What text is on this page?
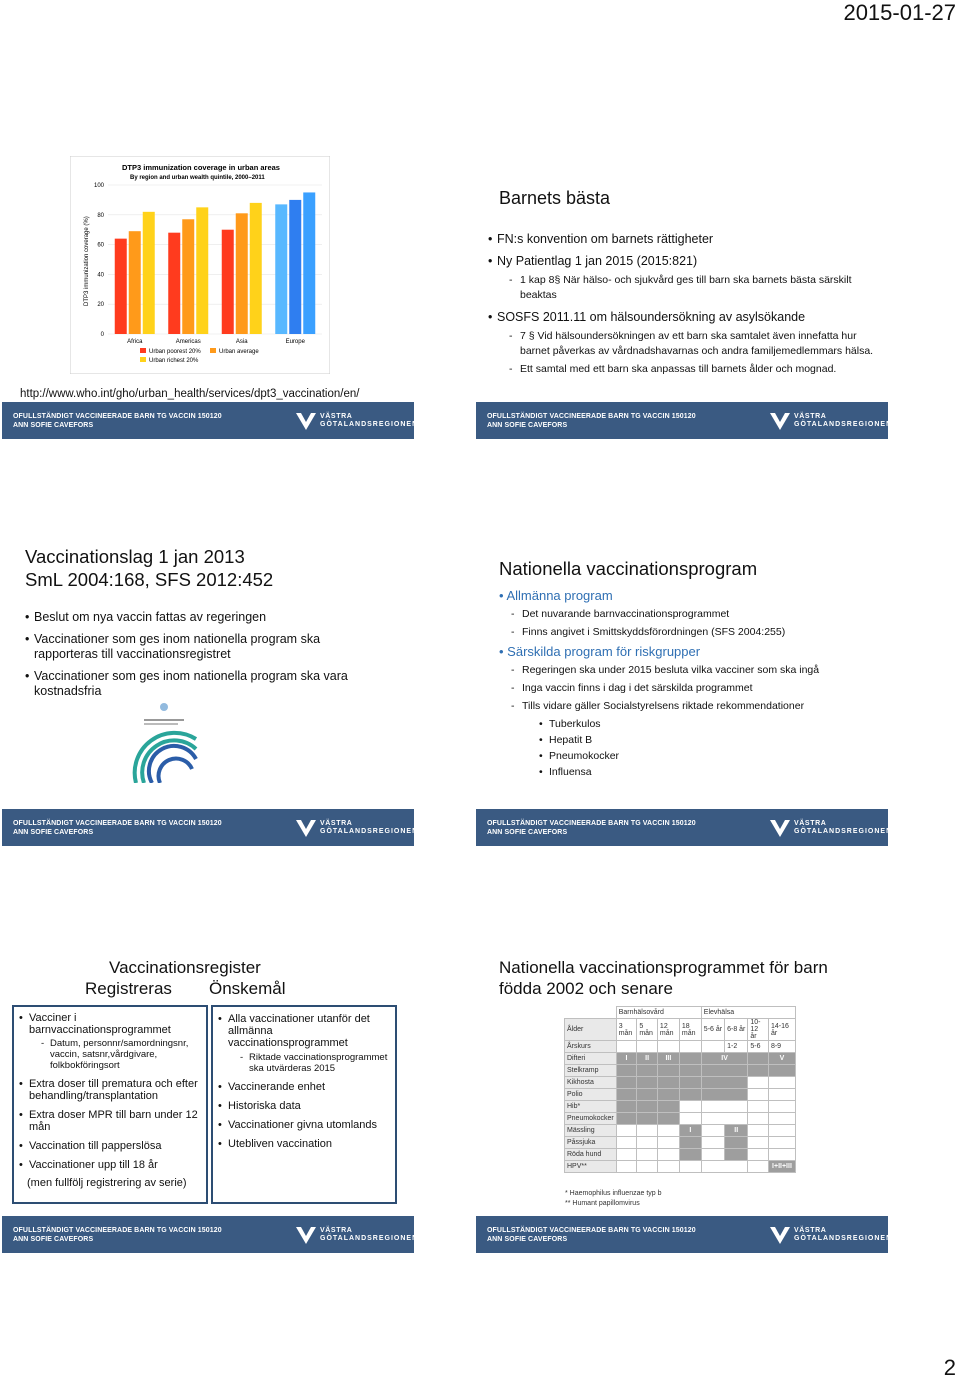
2015-01-27
2
DTP3 immunization coverage in urban areas
By region and urban wealth quintile, 2000–2011
DTP3 immunization coverage (%)
0
20
40
60
80
100
Africa	Americas	Asia	Europe
Urban poorest 20%	Urban average
Urban richest 20%
http://www.who.int/gho/urban_health/services/dpt3_vaccination/en/
OFULLSTÄNDIGT VACCINEERADE BARN TG VACCIN 150120
ANN SOFIE CAVEFORS
VÄSTRA
GÖTALANDSREGIONEN
Barnets bästa
• FN:s konvention om barnets rättigheter
• Ny Patientlag 1 jan 2015 (2015:821)
- 1 kap 8§ När hälso- och sjukvård ges till barn ska barnets bästa särskilt beaktas
• SOSFS 2011.11 om hälsoundersökning av asylsökande
- 7 § Vid hälsoundersökningen av ett barn ska samtalet även innefatta hur barnet påverkas av vårdnadshavarnas och andra familjemedlemmars hälsa.
- Ett samtal med ett barn ska anpassas till barnets ålder och mognad.
OFULLSTÄNDIGT VACCINEERADE BARN TG VACCIN 150120
ANN SOFIE CAVEFORS
VÄSTRA
GÖTALANDSREGIONEN
Vaccinationslag 1 jan 2013
SmL 2004:168, SFS 2012:452
• Beslut om nya vaccin fattas av regeringen
• Vaccinationer som ges inom nationella program ska rapporteras till vaccinationsregistret
• Vaccinationer som ges inom nationella program ska vara kostnadsfria
OFULLSTÄNDIGT VACCINEERADE BARN TG VACCIN 150120
ANN SOFIE CAVEFORS
VÄSTRA
GÖTALANDSREGIONEN
Nationella vaccinationsprogram
• Allmänna program
- Det nuvarande barnvaccinationsprogrammet
- Finns angivet i Smittskyddsförordningen (SFS 2004:255)
• Särskilda program för riskgrupper
- Regeringen ska under 2015 besluta vilka vacciner som ska ingå
- Inga vaccin finns i dag i det särskilda programmet
- Tills vidare gäller Socialstyrelsens riktade rekommendationer
• Tuberkulos
• Hepatit B
• Pneumokocker
• Influensa
OFULLSTÄNDIGT VACCINEERADE BARN TG VACCIN 150120
ANN SOFIE CAVEFORS
VÄSTRA
GÖTALANDSREGIONEN
Vaccinationsregister
Registreras Önskemål
• Vacciner i barnvaccinationsprogrammet
- Datum, personnr/samordningsnr, vaccin, satsnr,vårdgivare, folkbokföringsort
• Extra doser till prematura och efter behandling/transplantation
• Extra doser MPR till barn under 12 mån
• Vaccination till papperslösa
• Vaccinationer upp till 18 år
(men fullfölj registrering av serie)
• Alla vaccinationer utanför det allmänna vaccinationsprogrammet
- Riktade vaccinationsprogrammet ska utvärderas 2015
• Vaccinerande enhet
• Historiska data
• Vaccinationer givna utomlands
• Utebliven vaccination
OFULLSTÄNDIGT VACCINEERADE BARN TG VACCIN 150120
ANN SOFIE CAVEFORS
VÄSTRA
GÖTALANDSREGIONEN
Nationella vaccinationsprogrammet för barn
födda 2002 och senare
	Barnhälsovård				Elevhälsa			
Ålder	3 mån	5 mån	12 mån	18 mån	5-6 år	6-8 år	10-12 år	14-16 år
Årskurs						1-2	5-6	8-9
Difteri	I	II	III		IV			V
Stelkramp								
Kikhosta								
Polio								
Hib*								
Pneumokocker								
Mässling				I		II		
Påssjuka								
Röda hund								
HPV**								I+II+III
* Haemophilus influenzae typ b
** Humant papillomvirus
OFULLSTÄNDIGT VACCINEERADE BARN TG VACCIN 150120
ANN SOFIE CAVEFORS
VÄSTRA
GÖTALANDSREGIONEN
